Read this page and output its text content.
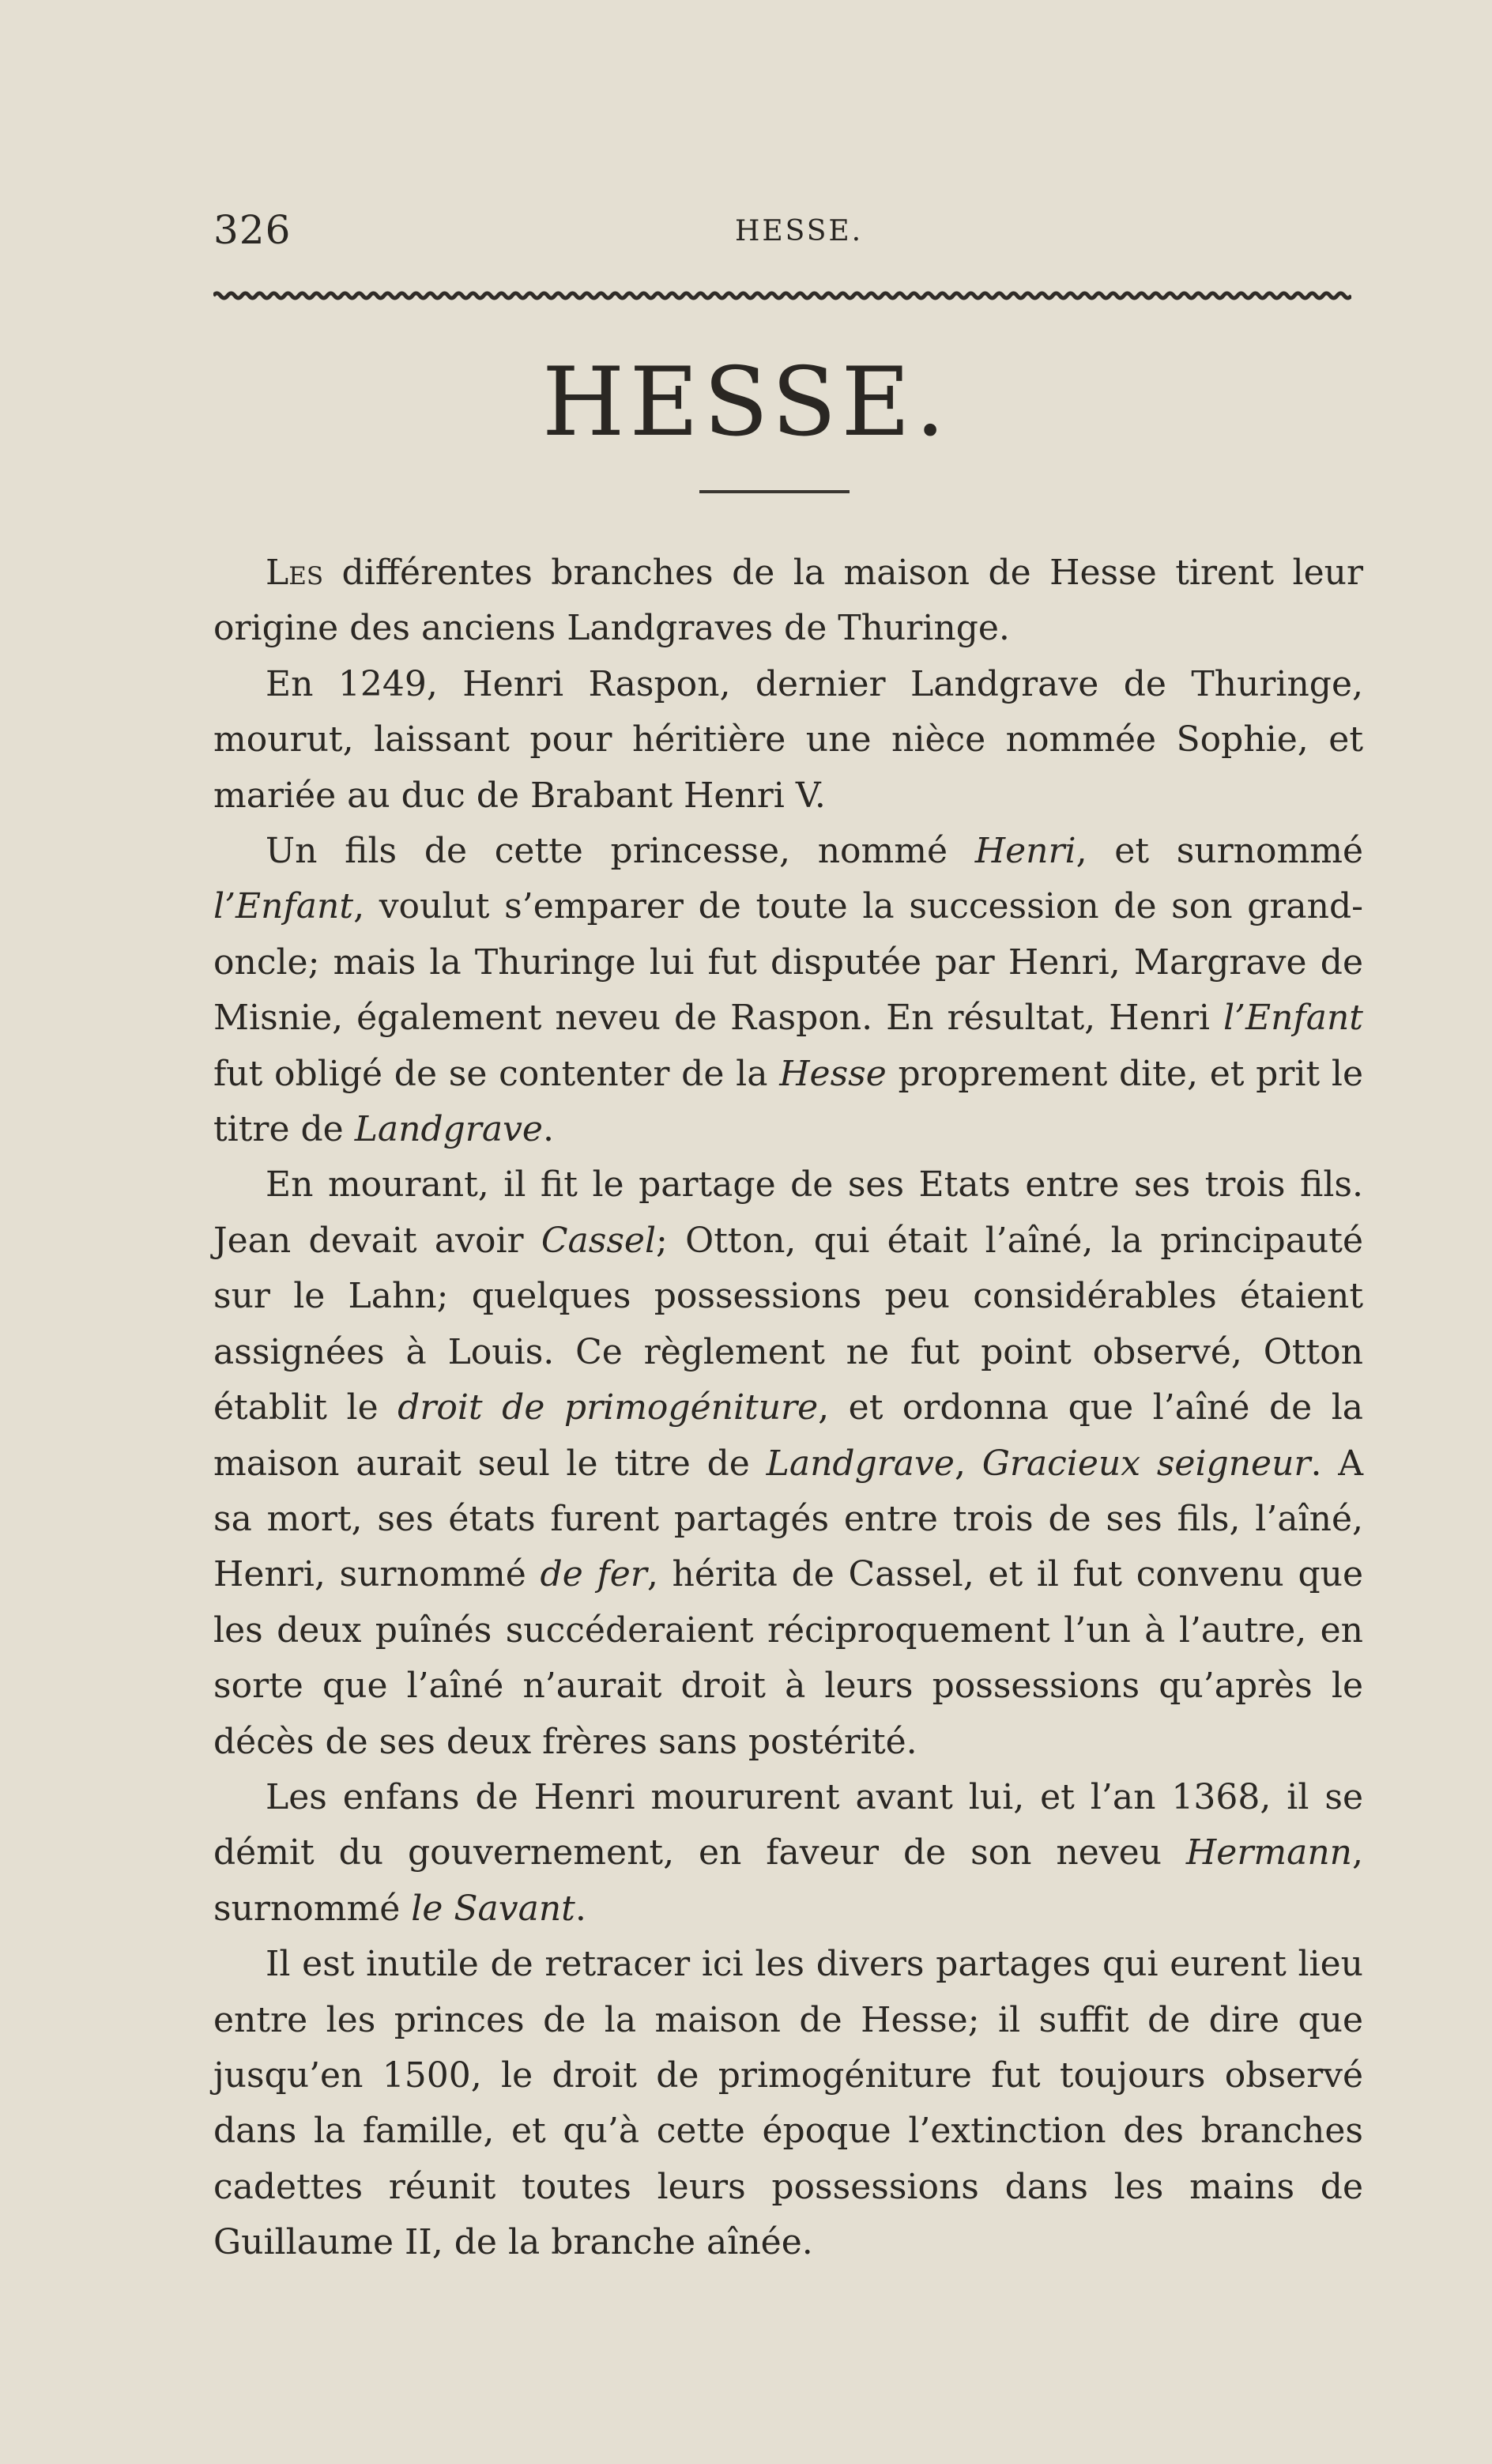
326	HESSE.
HESSE.

Les différentes branches de la maison de Hesse tirent leur origine des anciens Landgraves de Thuringe.

En 1249, Henri Raspon, dernier Landgrave de Thuringe, mourut, laissant pour héritière une nièce nommée Sophie, et mariée au duc de Brabant Henri V.

Un fils de cette princesse, nommé Henri, et surnommé l’Enfant, voulut s’emparer de toute la succession de son grand-oncle; mais la Thuringe lui fut disputée par Henri, Margrave de Misnie, également neveu de Raspon. En résultat, Henri l’Enfant fut obligé de se contenter de la Hesse proprement dite, et prit le titre de Landgrave.

En mourant, il fit le partage de ses Etats entre ses trois fils. Jean devait avoir Cassel; Otton, qui était l’aîné, la principauté sur le Lahn; quelques possessions peu considérables étaient assignées à Louis. Ce règlement ne fut point observé, Otton établit le droit de primogéniture, et ordonna que l’aîné de la maison aurait seul le titre de Landgrave, Gracieux seigneur. A sa mort, ses états furent partagés entre trois de ses fils, l’aîné, Henri, surnommé de fer, hérita de Cassel, et il fut convenu que les deux puînés succéderaient réciproquement l’un à l’autre, en sorte que l’aîné n’aurait droit à leurs possessions qu’après le décès de ses deux frères sans postérité.

Les enfans de Henri moururent avant lui, et l’an 1368, il se démit du gouvernement, en faveur de son neveu Hermann, surnommé le Savant.

Il est inutile de retracer ici les divers partages qui eurent lieu entre les princes de la maison de Hesse; il suffit de dire que jusqu’en 1500, le droit de primogéniture fut toujours observé dans la famille, et qu’à cette époque l’extinction des branches cadettes réunit toutes leurs possessions dans les mains de Guillaume II, de la branche aînée.
